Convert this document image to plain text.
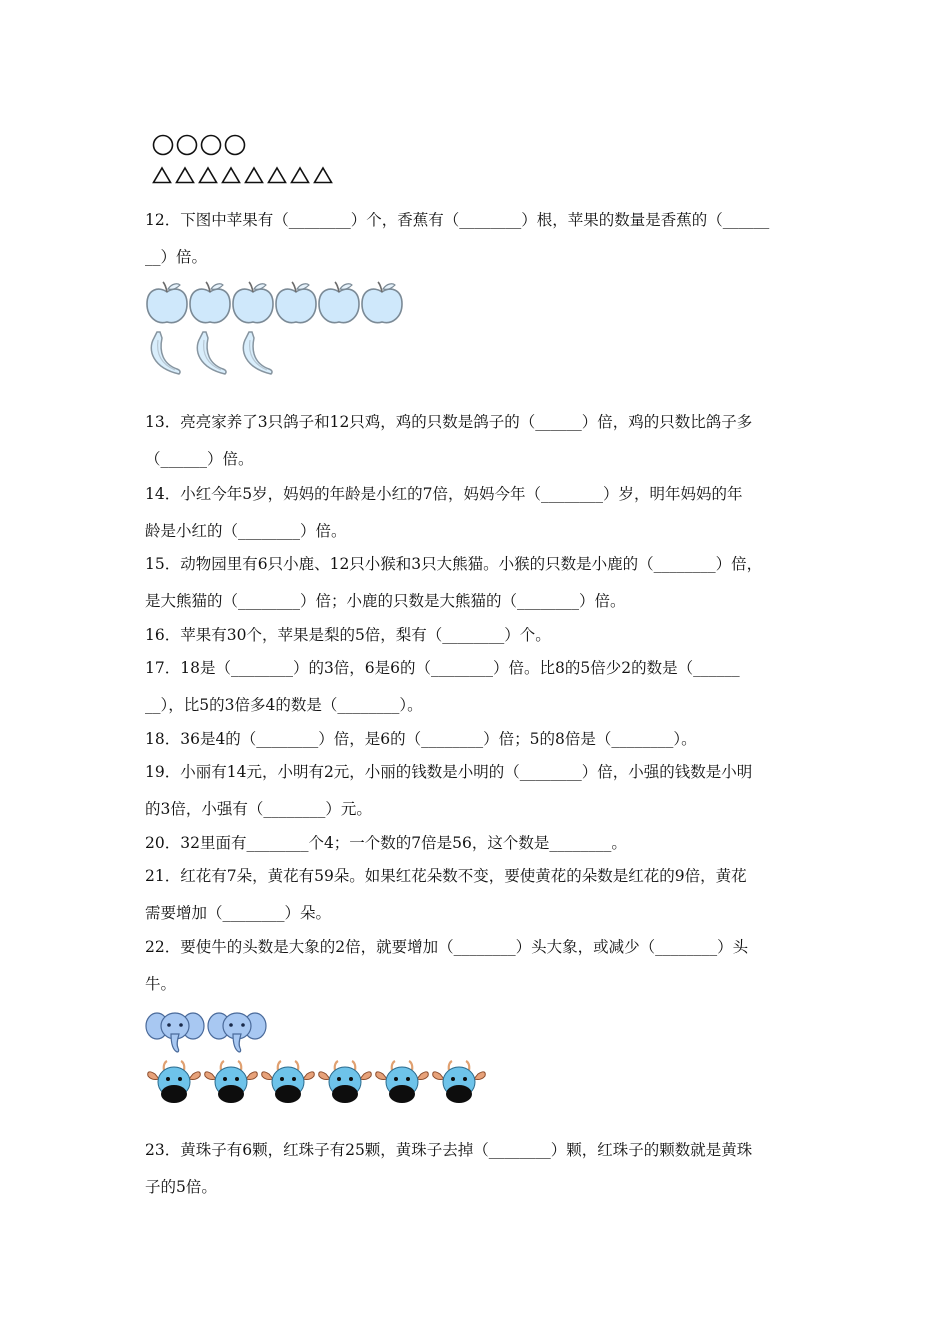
12．下图中苹果有（________）个，香蕉有（________）根，苹果的数量是香蕉的（______
__）倍。
13．亮亮家养了3只鸽子和12只鸡，鸡的只数是鸽子的（______）倍，鸡的只数比鸽子多
（______）倍。
14．小红今年5岁，妈妈的年龄是小红的7倍，妈妈今年（________）岁，明年妈妈的年
龄是小红的（________）倍。
15．动物园里有6只小鹿、12只小猴和3只大熊猫。小猴的只数是小鹿的（________）倍，
是大熊猫的（________）倍；小鹿的只数是大熊猫的（________）倍。
16．苹果有30个，苹果是梨的5倍，梨有（________）个。
17．18是（________）的3倍，6是6的（________）倍。比8的5倍少2的数是（______
__），比5的3倍多4的数是（________）。
18．36是4的（________）倍，是6的（________）倍；5的8倍是（________）。
19．小丽有14元，小明有2元，小丽的钱数是小明的（________）倍，小强的钱数是小明
的3倍，小强有（________）元。
20．32里面有________个4；一个数的7倍是56，这个数是________。
21．红花有7朵，黄花有59朵。如果红花朵数不变，要使黄花的朵数是红花的9倍，黄花
需要增加（________）朵。
22．要使牛的头数是大象的2倍，就要增加（________）头大象，或减少（________）头
牛。
23．黄珠子有6颗，红珠子有25颗，黄珠子去掉（________）颗，红珠子的颗数就是黄珠
子的5倍。
